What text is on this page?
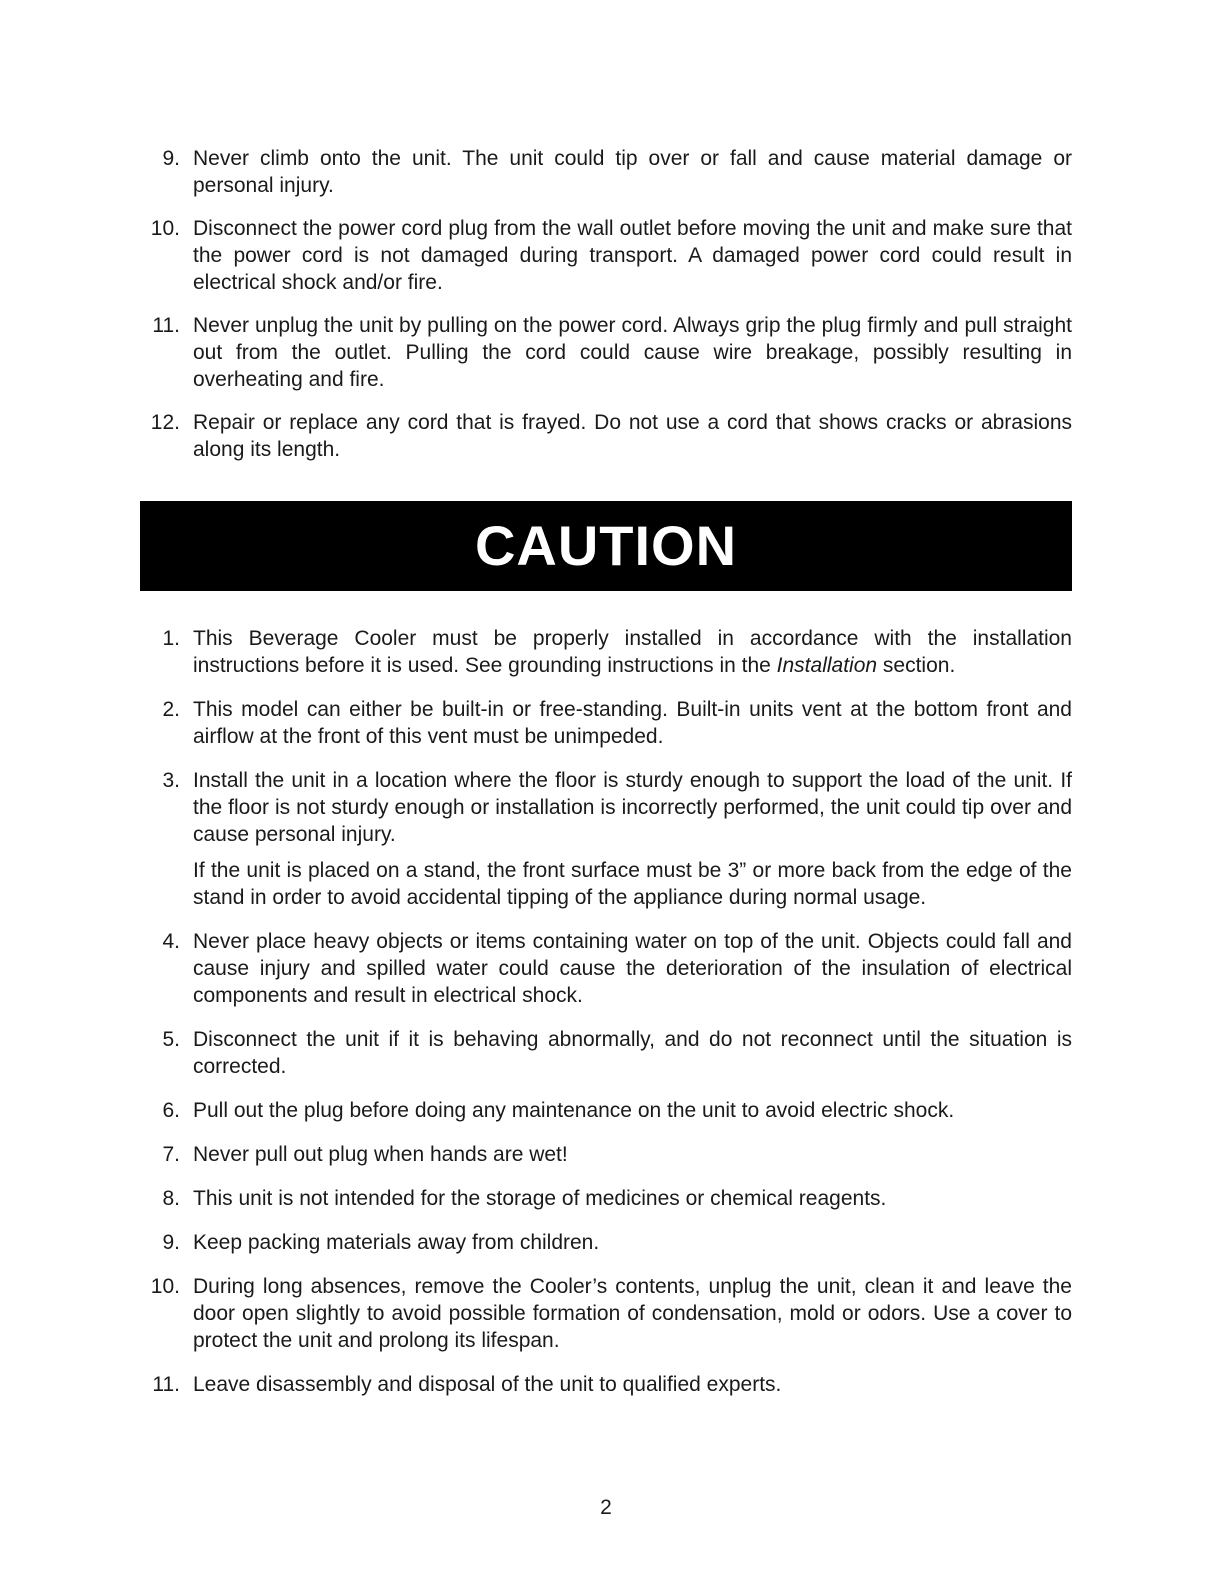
9. Never climb onto the unit. The unit could tip over or fall and cause material damage or personal injury.
10. Disconnect the power cord plug from the wall outlet before moving the unit and make sure that the power cord is not damaged during transport. A damaged power cord could result in electrical shock and/or fire.
11. Never unplug the unit by pulling on the power cord. Always grip the plug firmly and pull straight out from the outlet. Pulling the cord could cause wire breakage, possibly resulting in overheating and fire.
12. Repair or replace any cord that is frayed. Do not use a cord that shows cracks or abrasions along its length.
CAUTION
1. This Beverage Cooler must be properly installed in accordance with the installation instructions before it is used. See grounding instructions in the Installation section.
2. This model can either be built-in or free-standing. Built-in units vent at the bottom front and airflow at the front of this vent must be unimpeded.
3. Install the unit in a location where the floor is sturdy enough to support the load of the unit. If the floor is not sturdy enough or installation is incorrectly performed, the unit could tip over and cause personal injury.
If the unit is placed on a stand, the front surface must be 3” or more back from the edge of the stand in order to avoid accidental tipping of the appliance during normal usage.
4. Never place heavy objects or items containing water on top of the unit. Objects could fall and cause injury and spilled water could cause the deterioration of the insulation of electrical components and result in electrical shock.
5. Disconnect the unit if it is behaving abnormally, and do not reconnect until the situation is corrected.
6. Pull out the plug before doing any maintenance on the unit to avoid electric shock.
7. Never pull out plug when hands are wet!
8. This unit is not intended for the storage of medicines or chemical reagents.
9. Keep packing materials away from children.
10. During long absences, remove the Cooler’s contents, unplug the unit, clean it and leave the door open slightly to avoid possible formation of condensation, mold or odors. Use a cover to protect the unit and prolong its lifespan.
11. Leave disassembly and disposal of the unit to qualified experts.
2
